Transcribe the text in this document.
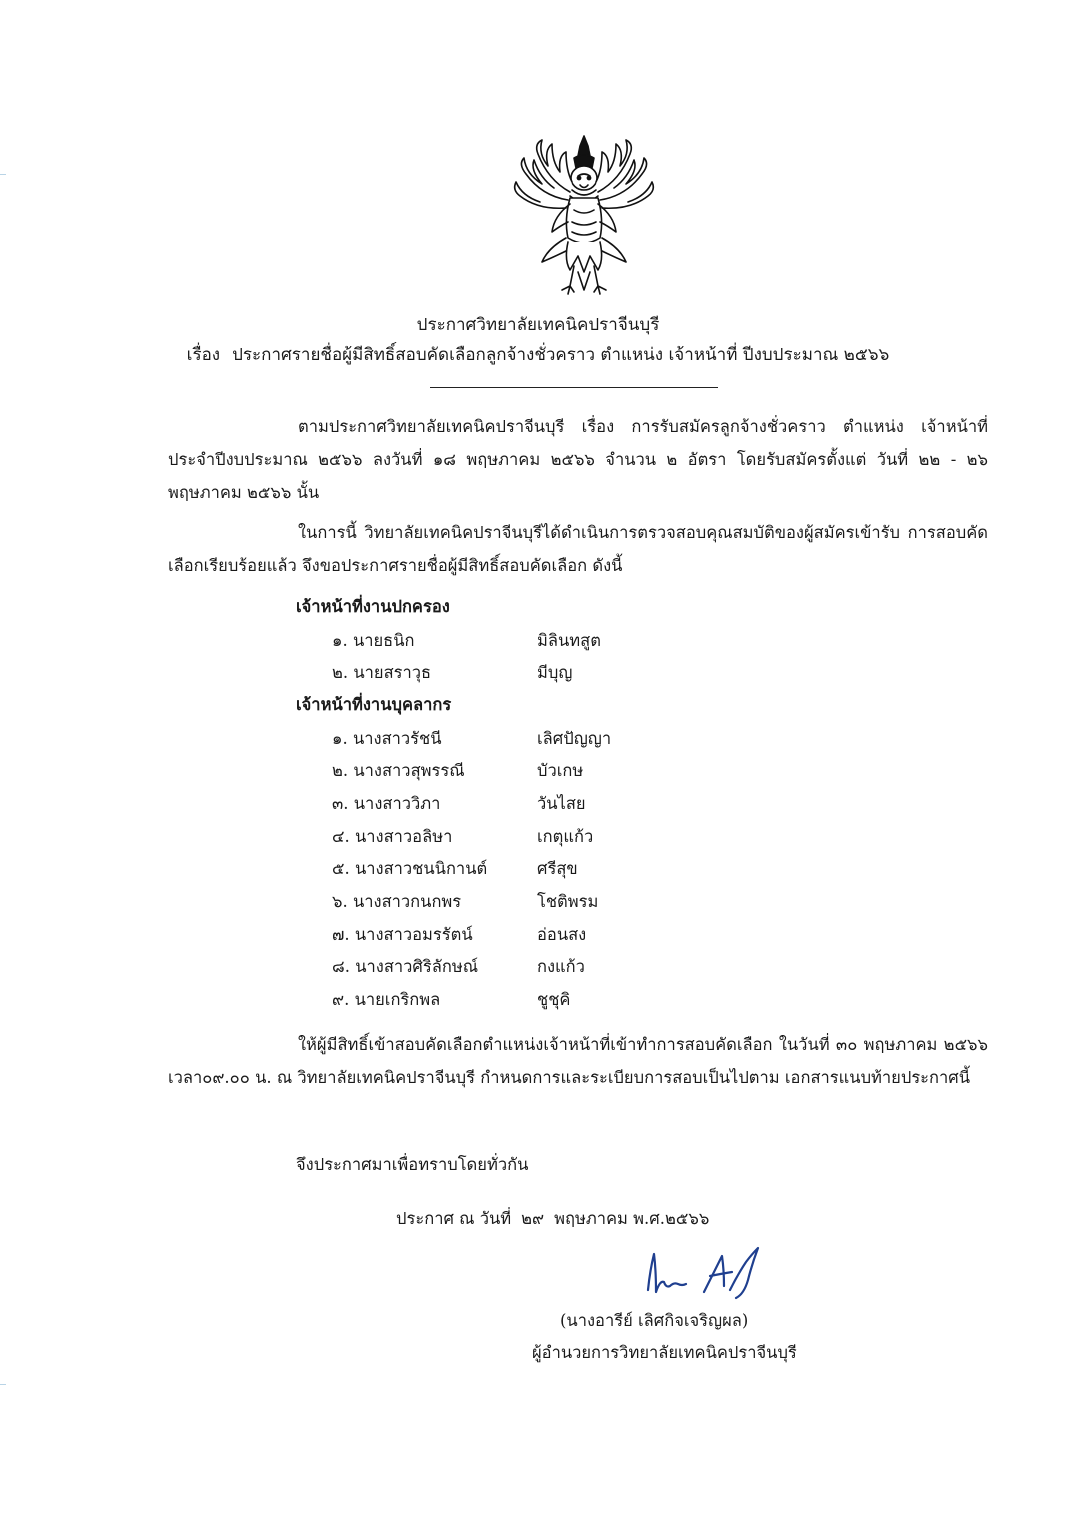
ประกาศวิทยาลัยเทคนิคปราจีนบุรี
เรื่อง ประกาศรายชื่อผู้มีสิทธิ์สอบคัดเลือกลูกจ้างชั่วคราว ตำแหน่ง เจ้าหน้าที่ ปีงบประมาณ ๒๕๖๖
ตามประกาศวิทยาลัยเทคนิคปราจีนบุรี เรื่อง การรับสมัครลูกจ้างชั่วคราว ตำแหน่ง เจ้าหน้าที่ ประจำปีงบประมาณ ๒๕๖๖ ลงวันที่ ๑๘ พฤษภาคม ๒๕๖๖ จำนวน ๒ อัตรา โดยรับสมัครตั้งแต่ วันที่ ๒๒ - ๒๖ พฤษภาคม ๒๕๖๖ นั้น
ในการนี้ วิทยาลัยเทคนิคปราจีนบุรีได้ดำเนินการตรวจสอบคุณสมบัติของผู้สมัครเข้ารับ การสอบคัดเลือกเรียบร้อยแล้ว จึงขอประกาศรายชื่อผู้มีสิทธิ์สอบคัดเลือก ดังนี้
เจ้าหน้าที่งานปกครอง
๑. นายธนิก	มิลินทสูต
๒. นายสราวุธ	มีบุญ
เจ้าหน้าที่งานบุคลากร
๑. นางสาวรัชนี	เลิศปัญญา
๒. นางสาวสุพรรณี	บัวเกษ
๓. นางสาววิภา	วันไสย
๔. นางสาวอลิษา	เกตุแก้ว
๕. นางสาวชนนิกานต์	ศรีสุข
๖. นางสาวกนกพร	โชติพรม
๗. นางสาวอมรรัตน์	อ่อนสง
๘. นางสาวศิริลักษณ์	กงแก้ว
๙. นายเกริกพล	ชูชุคิ
ให้ผู้มีสิทธิ์เข้าสอบคัดเลือกตำแหน่งเจ้าหน้าที่เข้าทำการสอบคัดเลือก ในวันที่ ๓๐ พฤษภาคม ๒๕๖๖ เวลา๐๙.๐๐ น. ณ วิทยาลัยเทคนิคปราจีนบุรี กำหนดการและระเบียบการสอบเป็นไปตาม เอกสารแนบท้ายประกาศนี้
จึงประกาศมาเพื่อทราบโดยทั่วกัน
ประกาศ ณ วันที่ ๒๙ พฤษภาคม พ.ศ.๒๕๖๖
(นางอารีย์ เลิศกิจเจริญผล)
ผู้อำนวยการวิทยาลัยเทคนิคปราจีนบุรี
